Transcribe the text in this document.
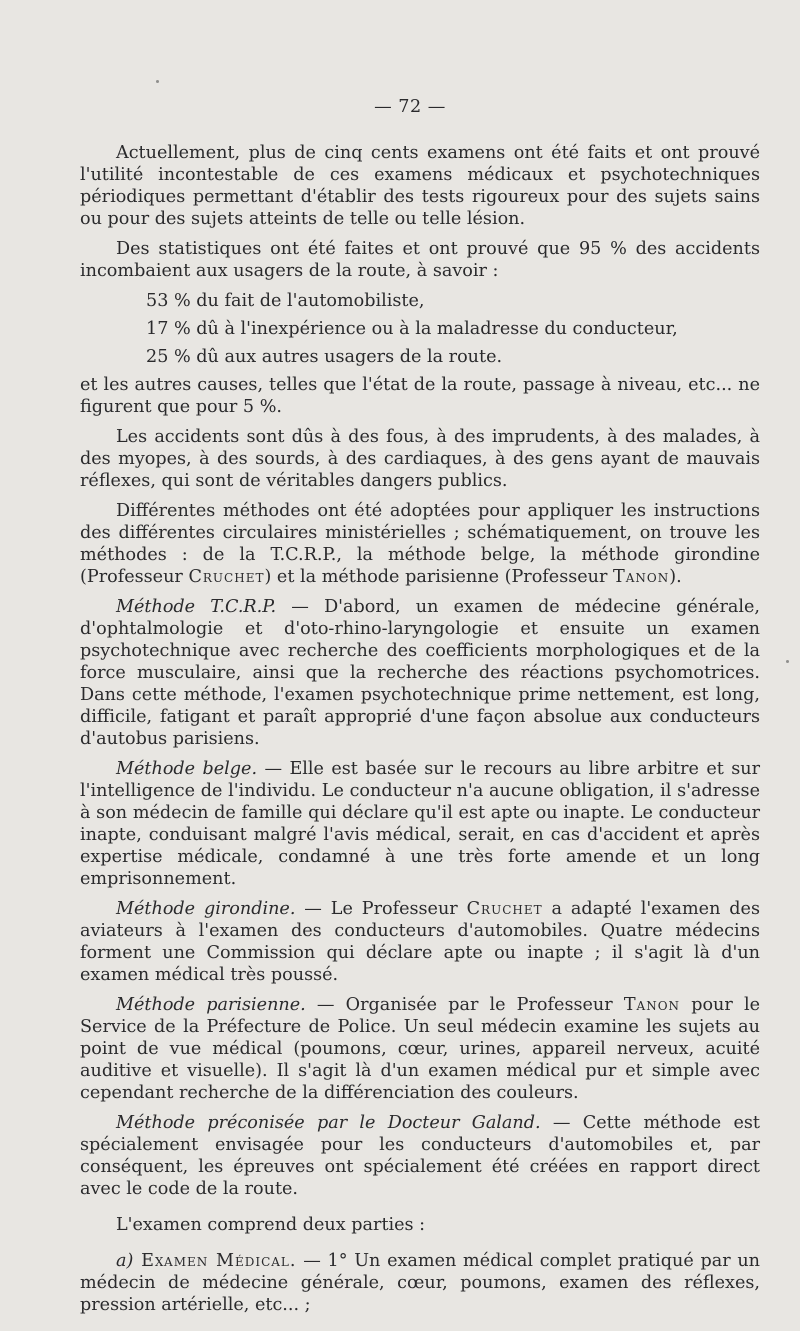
— 72 —

Actuellement, plus de cinq cents examens ont été faits et ont prouvé l'utilité incontestable de ces examens médicaux et psychotechniques périodiques permettant d'établir des tests rigoureux pour des sujets sains ou pour des sujets atteints de telle ou telle lésion.

Des statistiques ont été faites et ont prouvé que 95 % des accidents incombaient aux usagers de la route, à savoir :

53 % du fait de l'automobiliste,

17 % dû à l'inexpérience ou à la maladresse du conducteur,

25 % dû aux autres usagers de la route.

et les autres causes, telles que l'état de la route, passage à niveau, etc... ne figurent que pour 5 %.

Les accidents sont dûs à des fous, à des imprudents, à des malades, à des myopes, à des sourds, à des cardiaques, à des gens ayant de mauvais réflexes, qui sont de véritables dangers publics.

Différentes méthodes ont été adoptées pour appliquer les instructions des différentes circulaires ministérielles ; schématiquement, on trouve les méthodes : de la T.C.R.P., la méthode belge, la méthode girondine (Professeur Cruchet) et la méthode parisienne (Professeur Tanon).

Méthode T.C.R.P. — D'abord, un examen de médecine générale, d'ophtalmologie et d'oto-rhino-laryngologie et ensuite un examen psychotechnique avec recherche des coefficients morphologiques et de la force musculaire, ainsi que la recherche des réactions psychomotrices. Dans cette méthode, l'examen psychotechnique prime nettement, est long, difficile, fatigant et paraît approprié d'une façon absolue aux conducteurs d'autobus parisiens.

Méthode belge. — Elle est basée sur le recours au libre arbitre et sur l'intelligence de l'individu. Le conducteur n'a aucune obligation, il s'adresse à son médecin de famille qui déclare qu'il est apte ou inapte. Le conducteur inapte, conduisant malgré l'avis médical, serait, en cas d'accident et après expertise médicale, condamné à une très forte amende et un long emprisonnement.

Méthode girondine. — Le Professeur Cruchet a adapté l'examen des aviateurs à l'examen des conducteurs d'automobiles. Quatre médecins forment une Commission qui déclare apte ou inapte ; il s'agit là d'un examen médical très poussé.

Méthode parisienne. — Organisée par le Professeur Tanon pour le Service de la Préfecture de Police. Un seul médecin examine les sujets au point de vue médical (poumons, cœur, urines, appareil nerveux, acuité auditive et visuelle). Il s'agit là d'un examen médical pur et simple avec cependant recherche de la différenciation des couleurs.

Méthode préconisée par le Docteur Galand. — Cette méthode est spécialement envisagée pour les conducteurs d'automobiles et, par conséquent, les épreuves ont spécialement été créées en rapport direct avec le code de la route.

L'examen comprend deux parties :

a) Examen Médical. — 1° Un examen médical complet pratiqué par un médecin de médecine générale, cœur, poumons, examen des réflexes, pression artérielle, etc... ;
